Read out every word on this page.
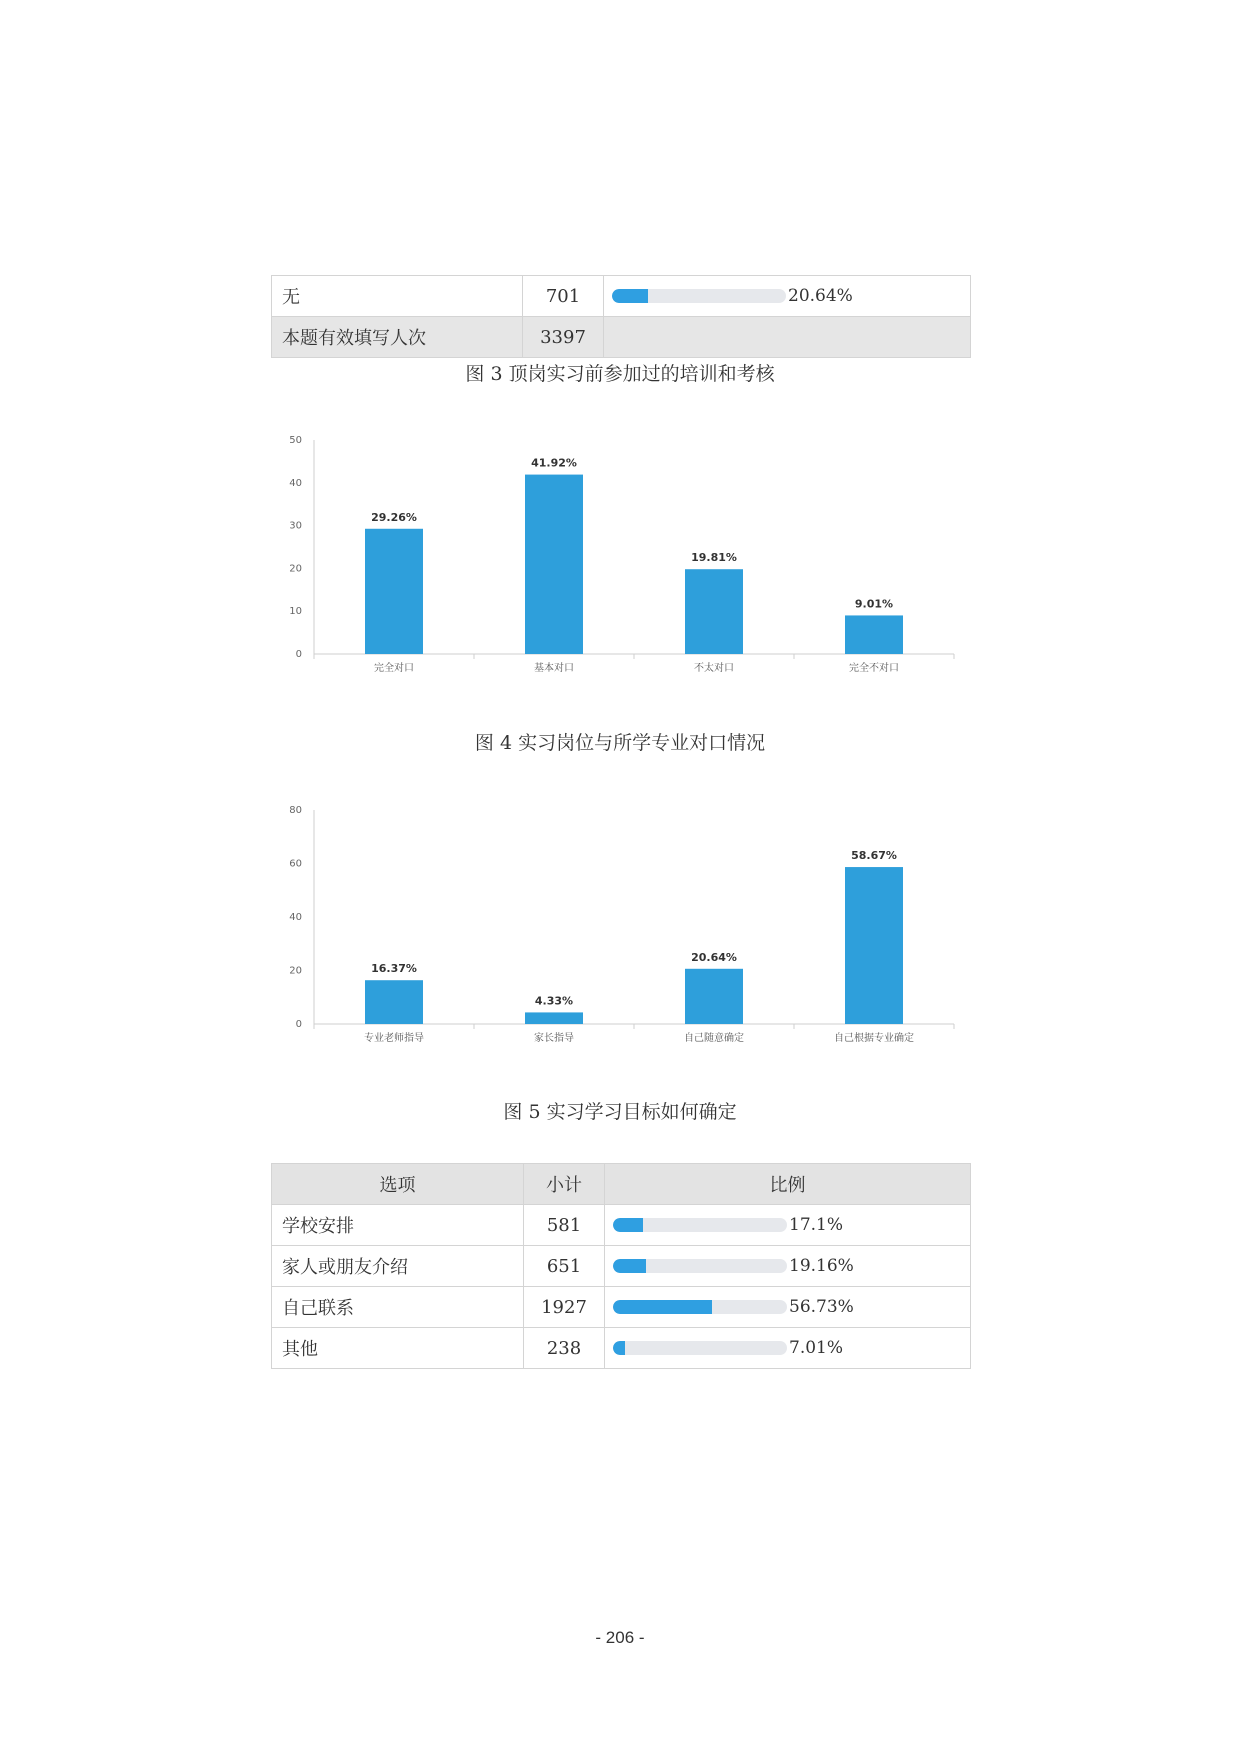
无	701	20.64%

本题有效填写人次	3397	
图 3 顶岗实习前参加过的培训和考核
0
10
20
30
40
50
29.26%
完全对口
41.92%
基本对口
19.81%
不太对口
9.01%
完全不对口
图 4 实习岗位与所学专业对口情况
0
20
40
60
80
16.37%
专业老师指导
4.33%
家长指导
20.64%
自己随意确定
58.67%
自己根据专业确定
图 5 实习学习目标如何确定
选项	小计	比例
学校安排	581	17.1%

家人或朋友介绍	651	19.16%

自己联系	1927	56.73%

其他	238	7.01%
- 206 -
